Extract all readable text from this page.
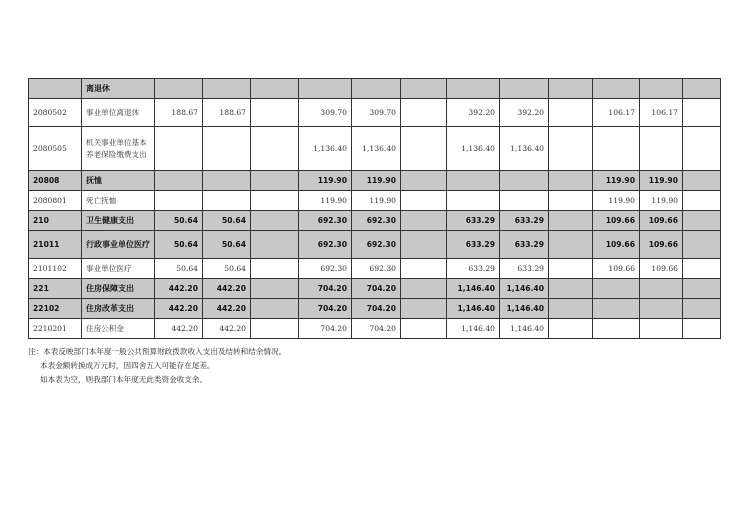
	离退休												
2080502	事业单位离退休	188.67	188.67		309.70	309.70		392.20	392.20		106.17	106.17	
2080505	机关事业单位基本养老保险缴费支出				1,136.40	1,136.40		1,136.40	1,136.40				
20808	抚恤				119.90	119.90					119.90	119.90	
2080801	死亡抚恤				119.90	119.90					119.90	119.90	
210	卫生健康支出	50.64	50.64		692.30	692.30		633.29	633.29		109.66	109.66	
21011	行政事业单位医疗	50.64	50.64		692.30	692.30		633.29	633.29		109.66	109.66	
2101102	事业单位医疗	50.64	50.64		692.30	692.30		633.29	633.29		109.66	109.66	
221	住房保障支出	442.20	442.20		704.20	704.20		1,146.40	1,146.40				
22102	住房改革支出	442.20	442.20		704.20	704.20		1,146.40	1,146.40				
2210201	住房公积金	442.20	442.20		704.20	704.20		1,146.40	1,146.40				
注：本表反映部门本年度一般公共预算财政拨款收入支出及结转和结余情况。
本表金额转换成万元时，因四舍五入可能存在尾差。
如本表为空，则我部门本年度无此类资金收支余。
